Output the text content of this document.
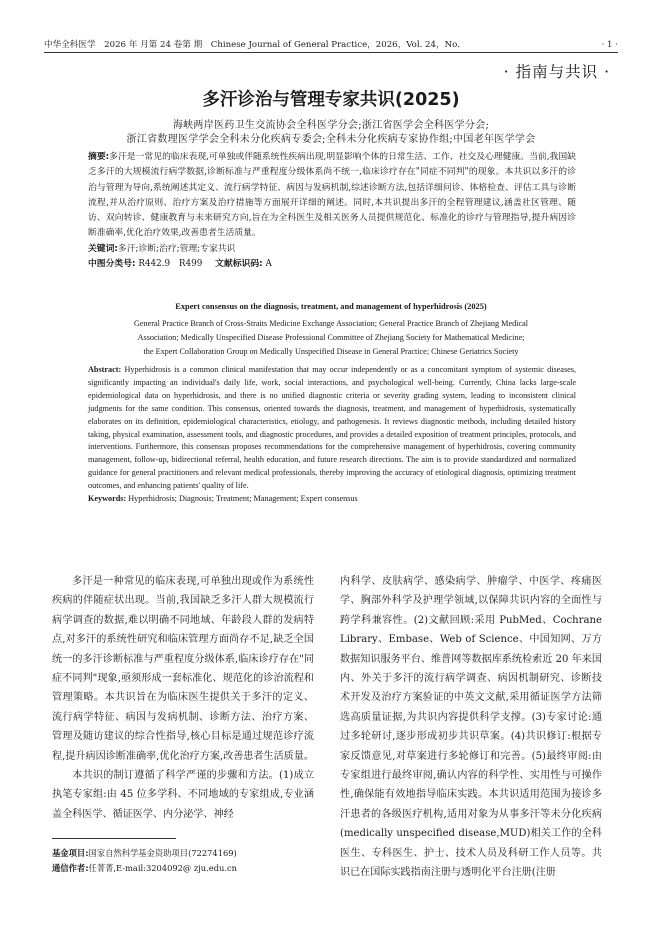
中华全科医学　2026 年 月第 24 卷第 期　Chinese Journal of General Practice，2026，Vol. 24，No.	· 1 ·
· 指南与共识 ·
多汗诊治与管理专家共识(2025)
海峡两岸医药卫生交流协会全科医学分会;浙江省医学会全科医学分会;
浙江省数理医学学会全科未分化疾病专委会;全科未分化疾病专家协作组;中国老年医学学会

摘要:多汗是一常见的临床表现,可单独或伴随系统性疾病出现,明显影响个体的日常生活、工作、社交及心理健康。当前,我国缺乏多汗的大规模流行病学数据,诊断标准与严重程度分级体系尚不统一,临床诊疗存在"同症不同判"的现象。本共识以多汗的诊治与管理为导向,系统阐述其定义、流行病学特征、病因与发病机制,综述诊断方法,包括详细问诊、体格检查、评估工具与诊断流程,并从治疗原则、治疗方案及治疗措施等方面展开详细的阐述。同时,本共识提出多汗的全程管理建议,涵盖社区管理、随访、双向转诊、健康教育与未来研究方向,旨在为全科医生及相关医务人员提供规范化、标准化的诊疗与管理指导,提升病因诊断准确率,优化治疗效果,改善患者生活质量。

关键词:多汗;诊断;治疗;管理;专家共识

中图分类号: R442.9　R499 文献标识码: A

Expert consensus on the diagnosis, treatment, and management of hyperhidrosis (2025)
General Practice Branch of Cross-Straits Medicine Exchange Association; General Practice Branch of Zhejiang Medical
Association; Medically Unspecified Disease Professional Committee of Zhejiang Society for Mathematical Medicine;
the Expert Collaboration Group on Medically Unspecified Disease in General Practice; Chinese Geriatrics Society

Abstract: Hyperhidrosis is a common clinical manifestation that may occur independently or as a concomitant symptom of systemic diseases, significantly impacting an individual's daily life, work, social interactions, and psychological well-being. Currently, China lacks large-scale epidemiological data on hyperhidrosis, and there is no unified diagnostic criteria or severity grading system, leading to inconsistent clinical judgments for the same condition. This consensus, oriented towards the diagnosis, treatment, and management of hyperhidrosis, systematically elaborates on its definition, epidemiological characteristics, etiology, and pathogenesis. It reviews diagnostic methods, including detailed history taking, physical examination, assessment tools, and diagnostic procedures, and provides a detailed exposition of treatment principles, protocols, and interventions. Furthermore, this consensus proposes recommendations for the comprehensive management of hyperhidrosis, covering community management, follow-up, bidirectional referral, health education, and future research directions. The aim is to provide standardized and normalized guidance for general practitioners and relevant medical professionals, thereby improving the accuracy of etiological diagnosis, optimizing treatment outcomes, and enhancing patients' quality of life.

Keywords: Hyperhidrosis; Diagnosis; Treatment; Management; Expert consensus

多汗是一种常见的临床表现,可单独出现或作为系统性疾病的伴随症状出现。当前,我国缺乏多汗人群大规模流行病学调查的数据,难以明确不同地域、年龄段人群的发病特点,对多汗的系统性研究和临床管理方面尚存不足,缺乏全国统一的多汗诊断标准与严重程度分级体系,临床诊疗存在"同症不同判"现象,亟须形成一套标准化、规范化的诊治流程和管理策略。本共识旨在为临床医生提供关于多汗的定义、流行病学特征、病因与发病机制、诊断方法、治疗方案、管理及随访建议的综合性指导,核心目标是通过规范诊疗流程,提升病因诊断准确率,优化治疗方案,改善患者生活质量。

本共识的制订遵循了科学严谨的步骤和方法。(1)成立执笔专家组:由 45 位多学科、不同地域的专家组成,专业涵盖全科医学、循证医学、内分泌学、神经

内科学、皮肤病学、感染病学、肿瘤学、中医学、疼痛医学、胸部外科学及护理学领域,以保障共识内容的全面性与跨学科兼容性。(2)文献回顾:采用 PubMed、Cochrane Library、Embase、Web of Science、中国知网、万方数据知识服务平台、维普网等数据库系统检索近 20 年来国内、外关于多汗的流行病学调查、病因机制研究、诊断技术开发及治疗方案验证的中英文文献,采用循证医学方法筛选高质量证据,为共识内容提供科学支撑。(3)专家讨论:通过多轮研讨,逐步形成初步共识草案。(4)共识修订:根据专家反馈意见,对草案进行多轮修订和完善。(5)最终审阅:由专家组进行最终审阅,确认内容的科学性、实用性与可操作性,确保能有效地指导临床实践。本共识适用范围为接诊多汗患者的各级医疗机构,适用对象为从事多汗等未分化疾病(medically unspecified disease,MUD)相关工作的全科医生、专科医生、护士、技术人员及科研工作人员等。共识已在国际实践指南注册与透明化平台注册(注册

基金项目:国家自然科学基金资助项目(72274169)
通信作者:任菁菁,E-mail:3204092@ zju.edu.cn
